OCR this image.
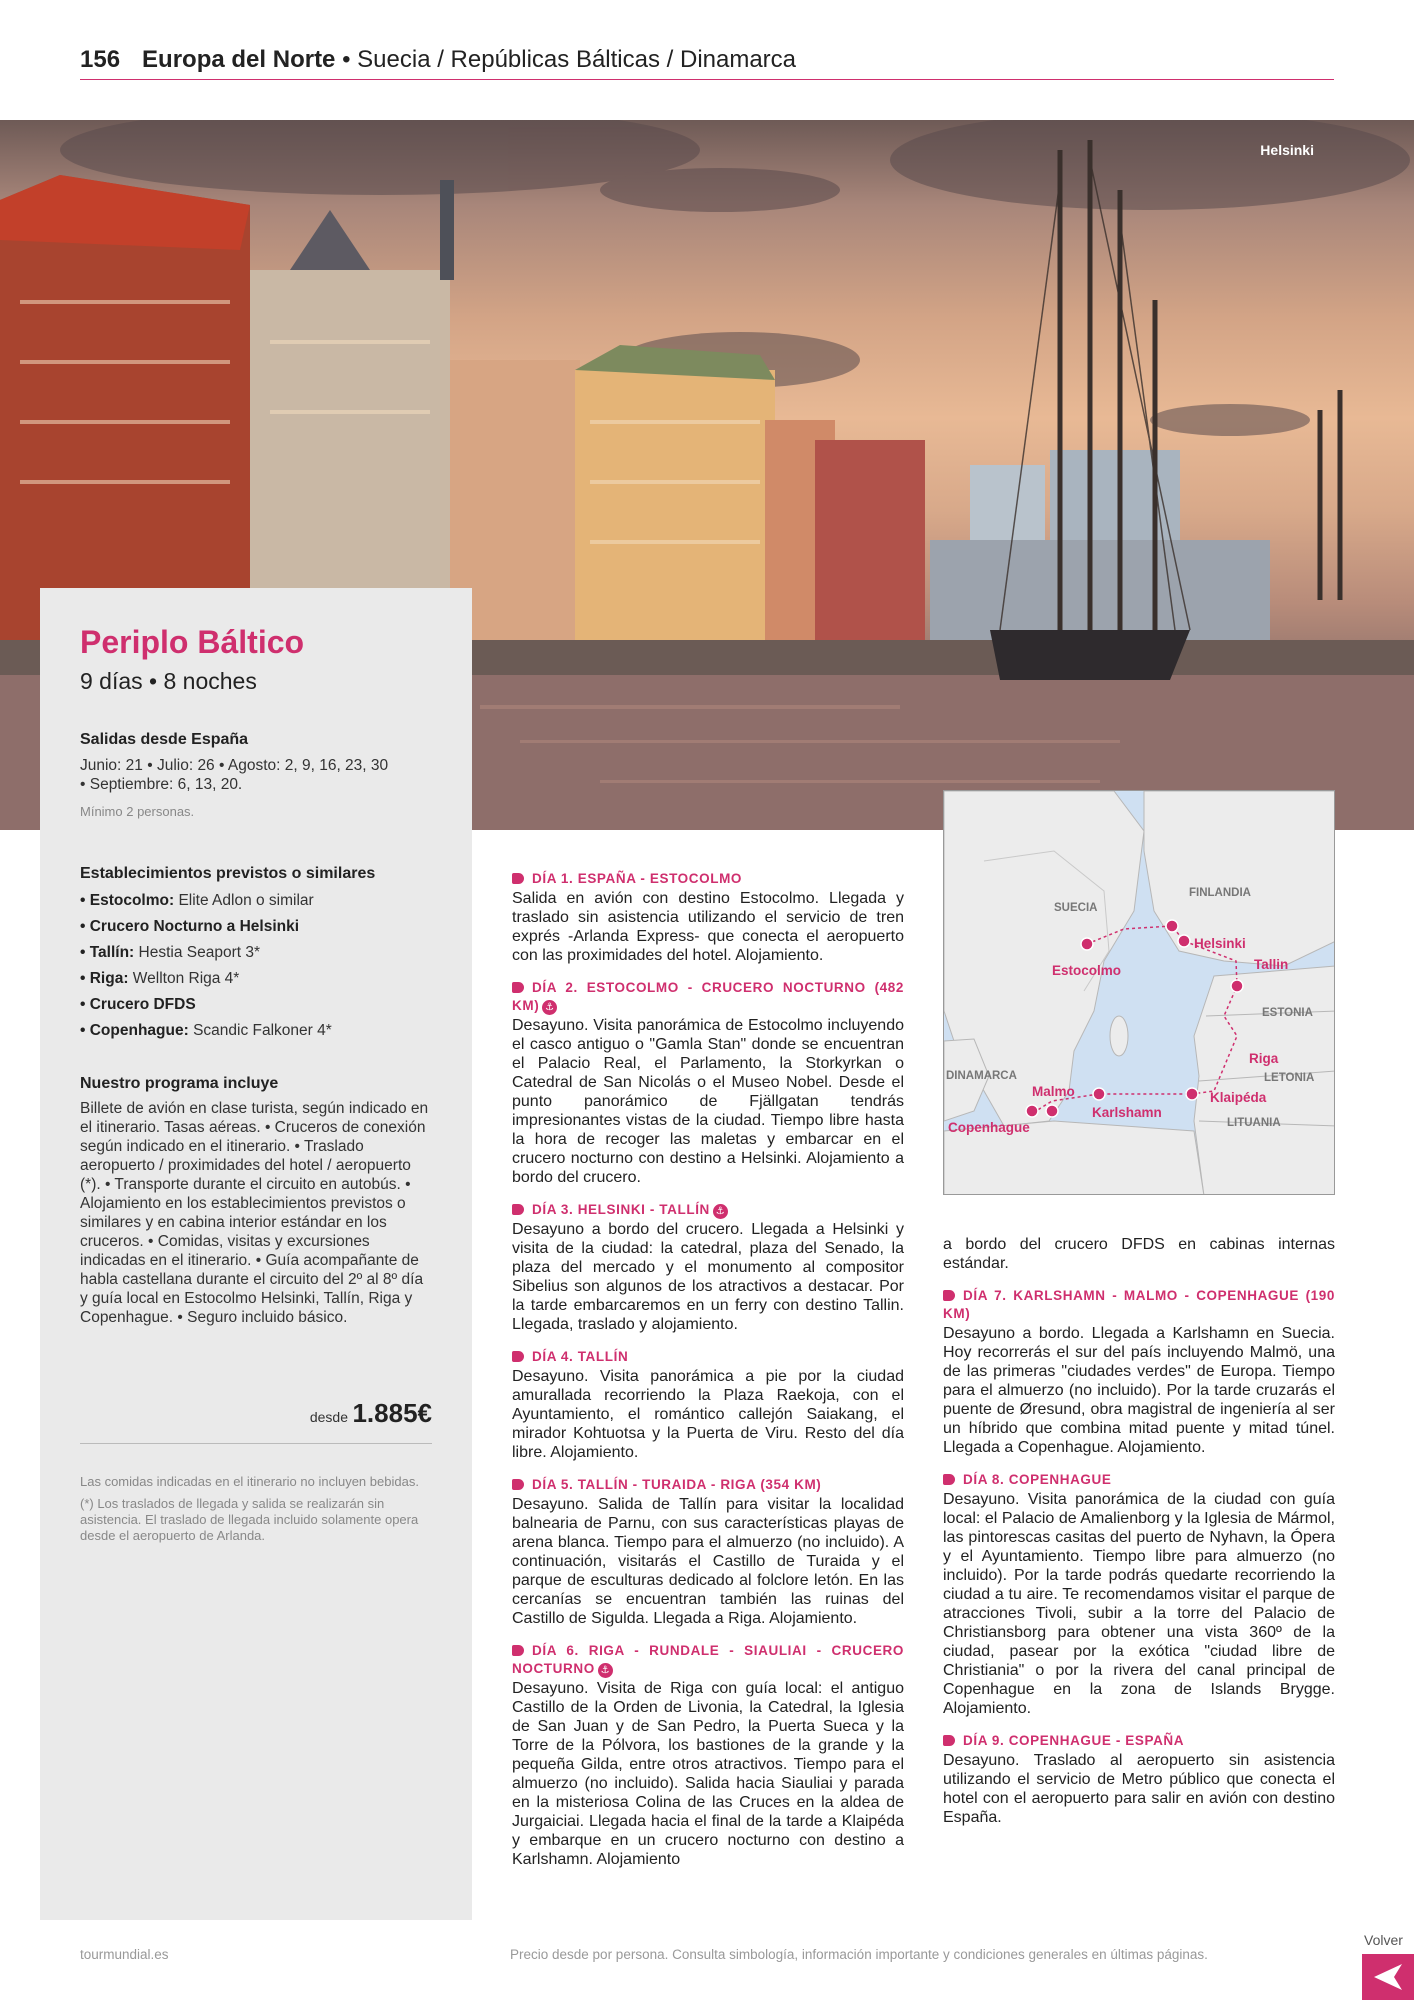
156 Europa del Norte • Suecia / Repúblicas Bálticas / Dinamarca
Helsinki
Periplo Báltico
9 días • 8 noches
Salidas desde España
Junio: 21 • Julio: 26 • Agosto: 2, 9, 16, 23, 30
• Septiembre: 6, 13, 20.
Mínimo 2 personas.
Establecimientos previstos o similares
• Estocolmo: Elite Adlon o similar
• Crucero Nocturno a Helsinki
• Tallín: Hestia Seaport 3*
• Riga: Wellton Riga 4*
• Crucero DFDS
• Copenhague: Scandic Falkoner 4*
Nuestro programa incluye
Billete de avión en clase turista, según indicado en el itinerario. Tasas aéreas. • Cruceros de conexión según indicado en el itinerario. • Traslado aeropuerto / proximidades del hotel / aeropuerto (*). • Transporte durante el circuito en autobús. • Alojamiento en los establecimientos previstos o similares y en cabina interior estándar en los cruceros. • Comidas, visitas y excursiones indicadas en el itinerario. • Guía acompañante de habla castellana durante el circuito del 2º al 8º día y guía local en Estocolmo Helsinki, Tallín, Riga y Copenhague. • Seguro incluido básico.
desde 1.885€
Las comidas indicadas en el itinerario no incluyen bebidas.
(*) Los traslados de llegada y salida se realizarán sin asistencia. El traslado de llegada incluido solamente opera desde el aeropuerto de Arlanda.
SUECIA
FINLANDIA
ESTONIA
LETONIA
LITUANIA
DINAMARCA
Helsinki
Tallin
Estocolmo
Riga
Klaipéda
Karlshamn
Malmo
Copenhague
DÍA 1. ESPAÑA - ESTOCOLMO
Salida en avión con destino Estocolmo. Llegada y traslado sin asistencia utilizando el servicio de tren exprés -Arlanda Express- que conecta el aeropuerto con las proximidades del hotel. Alojamiento.
DÍA 2. ESTOCOLMO - CRUCERO NOCTURNO (482 KM) ⚓
Desayuno. Visita panorámica de Estocolmo incluyendo el casco antiguo o "Gamla Stan" donde se encuentran el Palacio Real, el Parlamento, la Storkyrkan o Catedral de San Nicolás o el Museo Nobel. Desde el punto panorámico de Fjällgatan tendrás impresionantes vistas de la ciudad. Tiempo libre hasta la hora de recoger las maletas y embarcar en el crucero nocturno con destino a Helsinki. Alojamiento a bordo del crucero.
DÍA 3. HELSINKI - TALLÍN ⚓
Desayuno a bordo del crucero. Llegada a Helsinki y visita de la ciudad: la catedral, plaza del Senado, la plaza del mercado y el monumento al compositor Sibelius son algunos de los atractivos a destacar. Por la tarde embarcaremos en un ferry con destino Tallin. Llegada, traslado y alojamiento.
DÍA 4. TALLÍN
Desayuno. Visita panorámica a pie por la ciudad amurallada recorriendo la Plaza Raekoja, con el Ayuntamiento, el romántico callejón Saiakang, el mirador Kohtuotsa y la Puerta de Viru. Resto del día libre. Alojamiento.
DÍA 5. TALLÍN - TURAIDA - RIGA (354 KM)
Desayuno. Salida de Tallín para visitar la localidad balnearia de Parnu, con sus características playas de arena blanca. Tiempo para el almuerzo (no incluido). A continuación, visitarás el Castillo de Turaida y el parque de esculturas dedicado al folclore letón. En las cercanías se encuentran también las ruinas del Castillo de Sigulda. Llegada a Riga. Alojamiento.
DÍA 6. RIGA - RUNDALE - SIAULIAI - CRUCERO NOCTURNO ⚓
Desayuno. Visita de Riga con guía local: el antiguo Castillo de la Orden de Livonia, la Catedral, la Iglesia de San Juan y de San Pedro, la Puerta Sueca y la Torre de la Pólvora, los bastiones de la grande y la pequeña Gilda, entre otros atractivos. Tiempo para el almuerzo (no incluido). Salida hacia Siauliai y parada en la misteriosa Colina de las Cruces en la aldea de Jurgaiciai. Llegada hacia el final de la tarde a Klaipéda y embarque en un crucero nocturno con destino a Karlshamn. Alojamiento
a bordo del crucero DFDS en cabinas internas estándar.
DÍA 7. KARLSHAMN - MALMO - COPENHAGUE (190 KM)
Desayuno a bordo. Llegada a Karlshamn en Suecia. Hoy recorrerás el sur del país incluyendo Malmö, una de las primeras "ciudades verdes" de Europa. Tiempo para el almuerzo (no incluido). Por la tarde cruzarás el puente de Øresund, obra magistral de ingeniería al ser un híbrido que combina mitad puente y mitad túnel. Llegada a Copenhague. Alojamiento.
DÍA 8. COPENHAGUE
Desayuno. Visita panorámica de la ciudad con guía local: el Palacio de Amalienborg y la Iglesia de Mármol, las pintorescas casitas del puerto de Nyhavn, la Ópera y el Ayuntamiento. Tiempo libre para almuerzo (no incluido). Por la tarde podrás quedarte recorriendo la ciudad a tu aire. Te recomendamos visitar el parque de atracciones Tivoli, subir a la torre del Palacio de Christiansborg para obtener una vista 360º de la ciudad, pasear por la exótica "ciudad libre de Christiania" o por la rivera del canal principal de Copenhague en la zona de Islands Brygge. Alojamiento.
DÍA 9. COPENHAGUE - ESPAÑA
Desayuno. Traslado al aeropuerto sin asistencia utilizando el servicio de Metro público que conecta el hotel con el aeropuerto para salir en avión con destino España.
tourmundial.es	Precio desde por persona. Consulta simbología, información importante y condiciones generales en últimas páginas.
Volver
